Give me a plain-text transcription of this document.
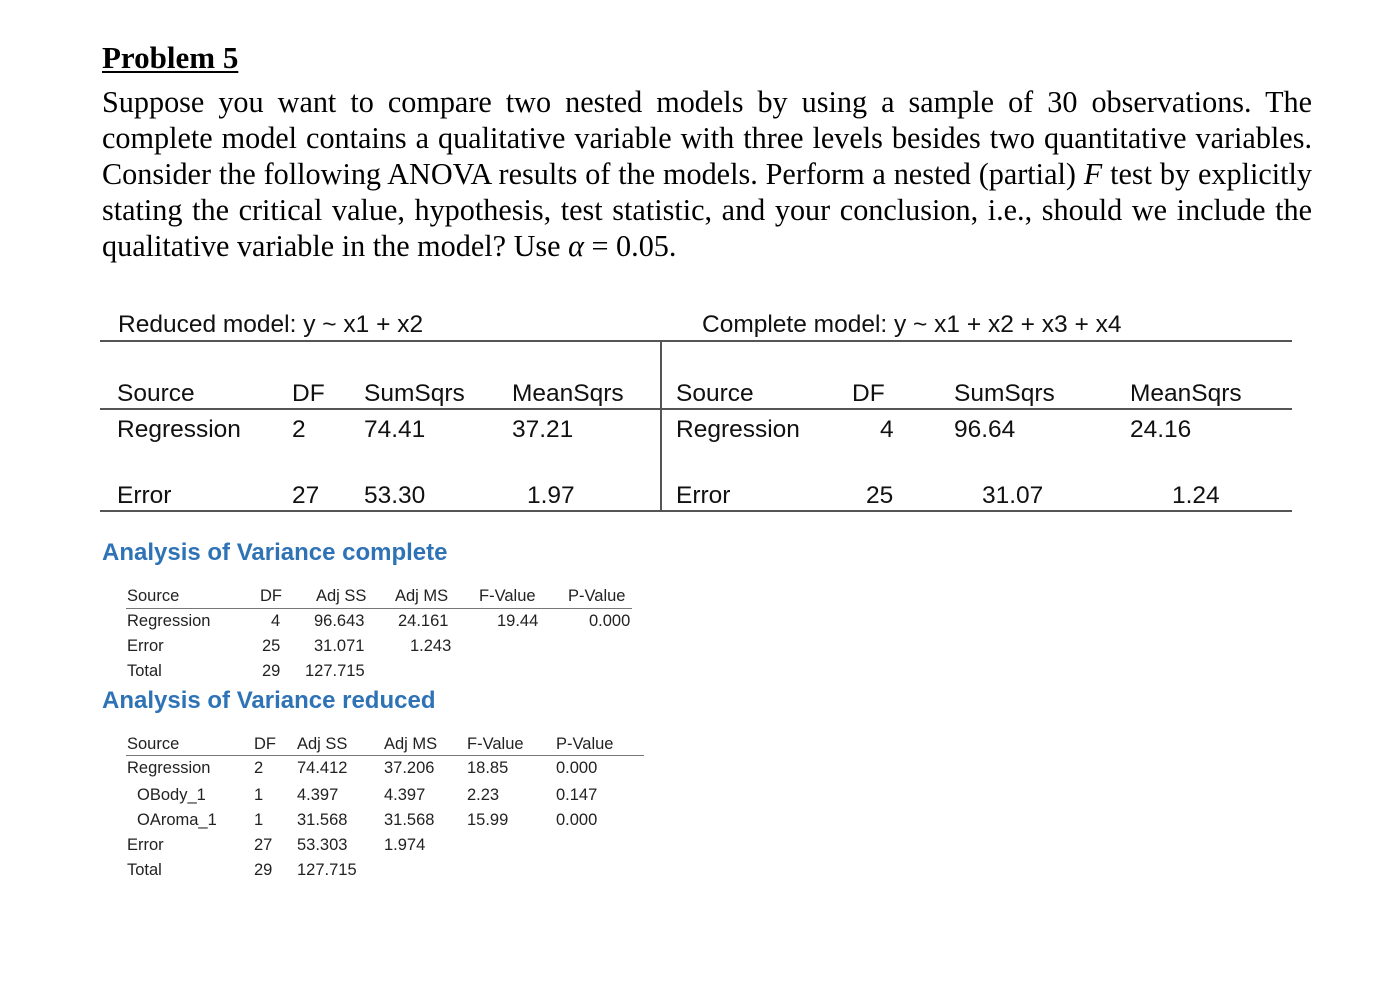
Problem 5
Suppose you want to compare two nested models by using a sample of 30 observations. The complete model contains a qualitative variable with three levels besides two quantitative variables. Consider the following ANOVA results of the models. Perform a nested (partial) F test by explicitly stating the critical value, hypothesis, test statistic, and your conclusion, i.e., should we include the qualitative variable in the model? Use α = 0.05.
Reduced model: y ~ x1 + x2	Complete model: y ~ x1 + x2 + x3 + x4
Source	DF SumSqrs MeanSqrs
Regression 2 74.41	37.21
Error	27 53.30	1.97
Source	DF	SumSqrs	MeanSqrs
Regression	4 96.64	24.16
Error	25	31.07	1.24
Analysis of Variance complete
Source	DF Adj SS Adj MS F-Value P-Value
Regression	4 96.643 24.161	19.44	0.000
Error	25 31.071	1.243
Total	29 127.715
Analysis of Variance reduced
Source	DF Adj SS Adj MS F-Value P-Value
Regression	2 74.412 37.206 18.85	0.000
OBody_1	1 4.397	4.397	2.23	0.147
OAroma_1 1 31.568 31.568 15.99	0.000
Error	27 53.303 1.974
Total	29 127.715
